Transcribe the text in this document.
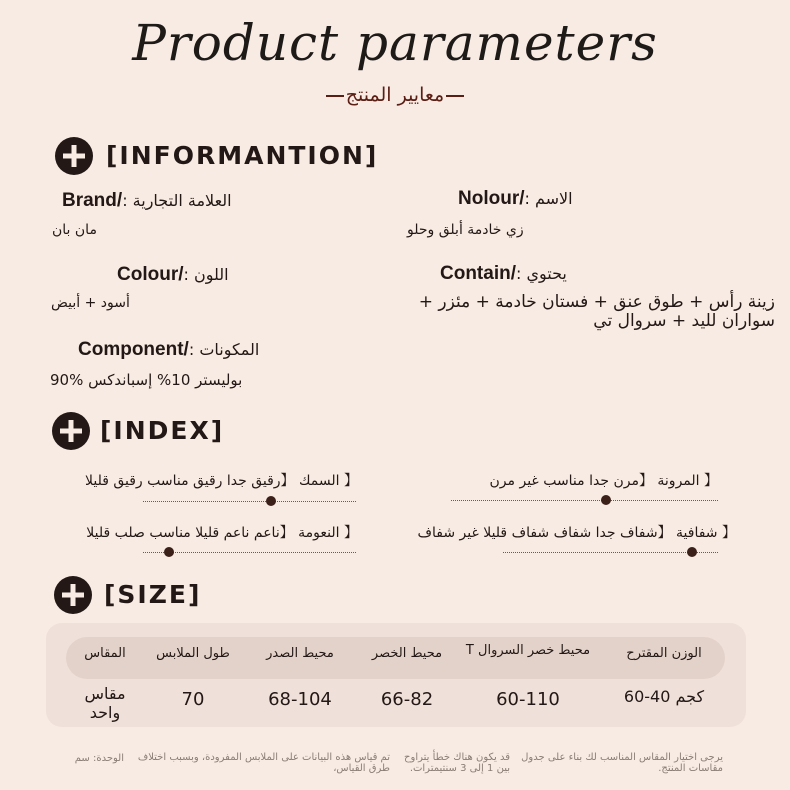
Product parameters
معايير المنتج
[INFORMANTION]
Brand/: العلامة التجارية
مان بان
Nolour/: الاسم
زي خادمة أبلق وحلو
Colour/: اللون
أسود + أبيض
Contain/: يحتوي
زينة رأس + طوق عنق + فستان خادمة + مئزر + سواران لليد + سروال تي
Component/: المكونات
90% بوليستر 10% إسباندكس
[INDEX]
【 السمك 【رقيق جدا رقيق مناسب رقيق قليلا	【 المرونة 【مرن جدا مناسب غير مرن
【 النعومة 【ناعم ناعم قليلا مناسب صلب قليلا	【 شفافية 【شفاف جدا شفاف شفاف قليلا غير شفاف
[SIZE]
الوزن المقترح
محيط خصر السروال T
محيط الخصر
محيط الصدر
طول الملابس
المقاس
60-40 كجم
60-110
66-82
68-104
70
مقاس واحد
يرجى اختيار المقاس المناسب لك بناء على جدول مقاسات المنتج.
قد يكون هناك خطأ يتراوح بين 1 إلى 3 سنتيمترات.
تم قياس هذه البيانات على الملابس المفرودة، وبسبب اختلاف طرق القياس،
الوحدة: سم
